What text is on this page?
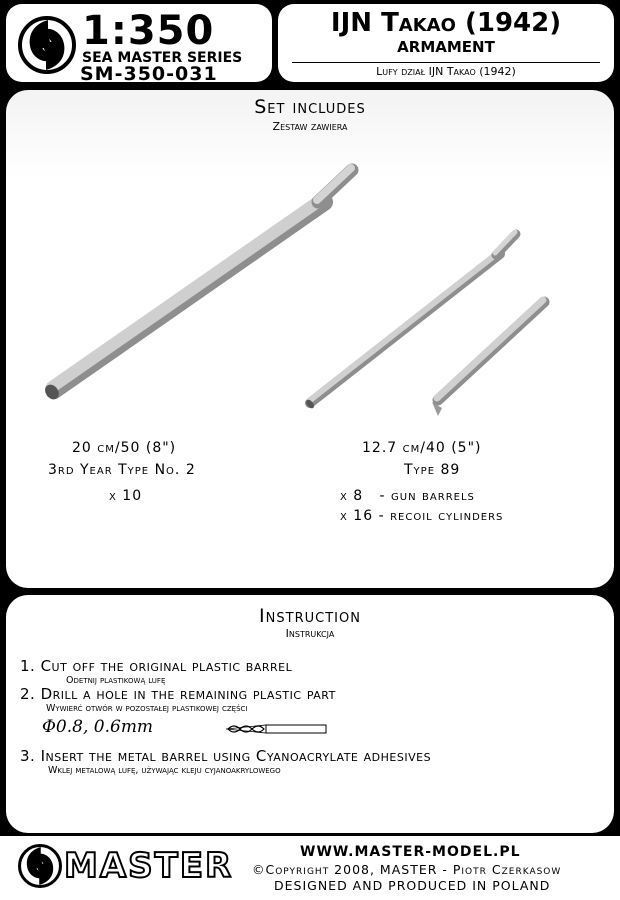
1:350
SEA MASTER SERIES
SM-350-031
IJN Takao (1942)
ARMAMENT
Lufy dział IJN Takao (1942)
Set includes
Zestaw zawiera
20 cm/50 (8")
3rd Year Type No. 2
x 10
12.7 cm/40 (5")
Type 89
x 8   - gun barrels
x 16 - recoil cylinders
Instruction
Instrukcja
1. Cut off the original plastic barrel
Odetnij plastikową lufę
2. Drill a hole in the remaining plastic part
Wywierć otwór w pozostałej plastikowej części
Φ0.8, 0.6mm
3. Insert the metal barrel using Cyanoacrylate adhesives
Wklej metalową lufę, używając kleju cyjanoakrylowego
MASTER	WWW.MASTER-MODEL.PL
©Copyright 2008, MASTER - Piotr Czerkasow
DESIGNED AND PRODUCED IN POLAND
